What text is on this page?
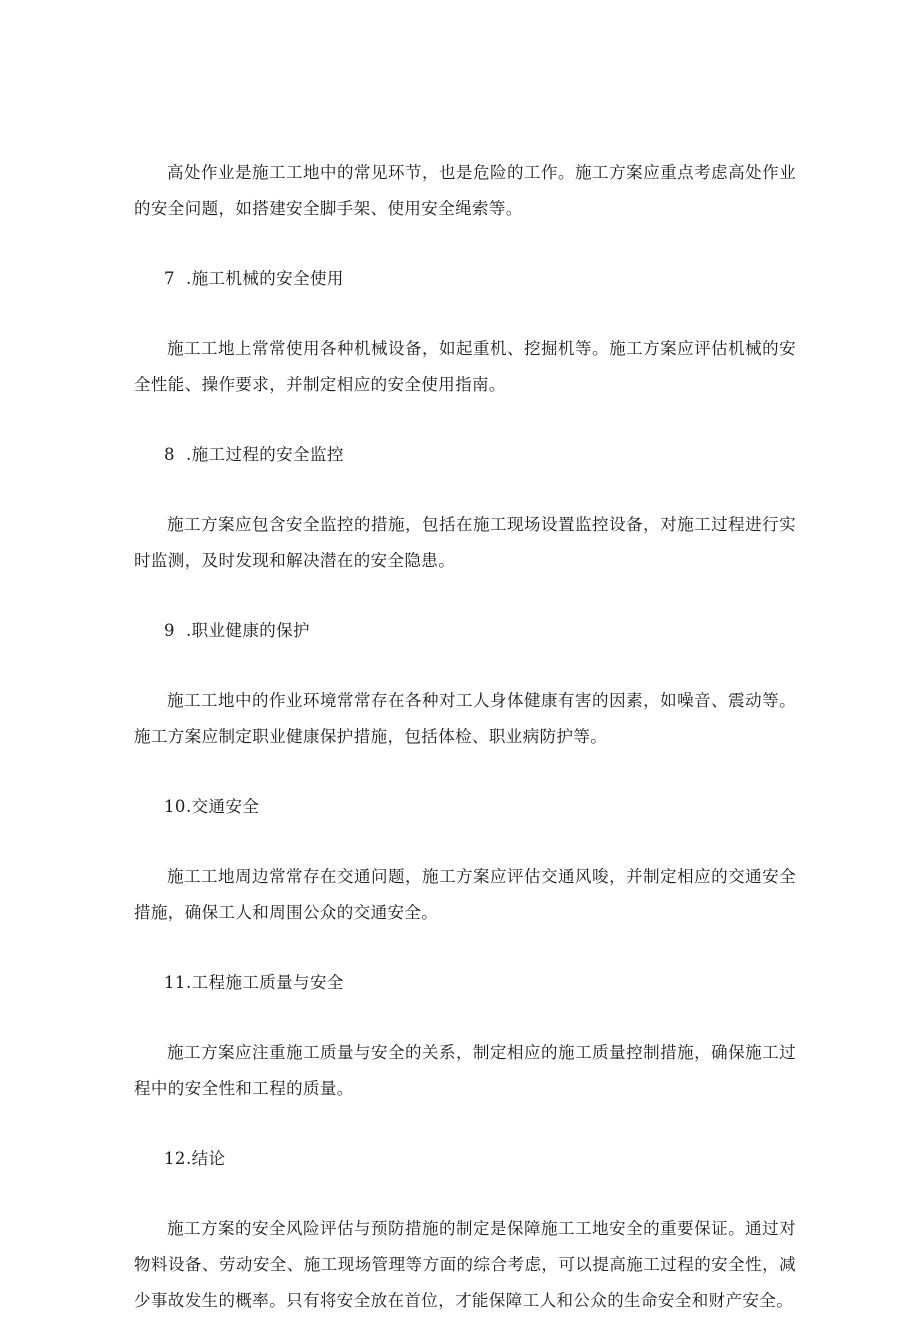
高处作业是施工工地中的常见环节，也是危险的工作。施工方案应重点考虑高处作业的安全问题，如搭建安全脚手架、使用安全绳索等。

7 .施工机械的安全使用

施工工地上常常使用各种机械设备，如起重机、挖掘机等。施工方案应评估机械的安全性能、操作要求，并制定相应的安全使用指南。

8 .施工过程的安全监控

施工方案应包含安全监控的措施，包括在施工现场设置监控设备，对施工过程进行实时监测，及时发现和解决潜在的安全隐患。

9 .职业健康的保护

施工工地中的作业环境常常存在各种对工人身体健康有害的因素，如噪音、震动等。施工方案应制定职业健康保护措施，包括体检、职业病防护等。

10.交通安全

施工工地周边常常存在交通问题，施工方案应评估交通风唆，并制定相应的交通安全措施，确保工人和周围公众的交通安全。

11.工程施工质量与安全

施工方案应注重施工质量与安全的关系，制定相应的施工质量控制措施，确保施工过程中的安全性和工程的质量。

12.结论

施工方案的安全风险评估与预防措施的制定是保障施工工地安全的重要保证。通过对物料设备、劳动安全、施工现场管理等方面的综合考虑，可以提高施工过程的安全性，减少事故发生的概率。只有将安全放在首位，才能保障工人和公众的生命安全和财产安全。
